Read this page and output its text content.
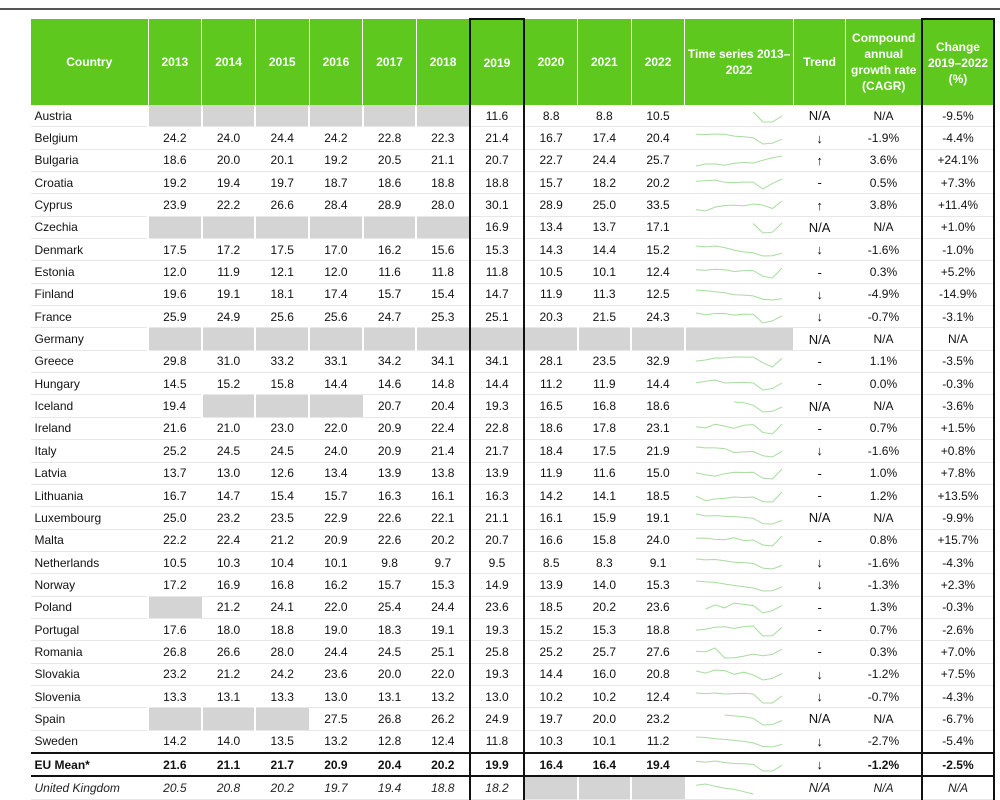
Country	2013	2014	2015	2016	2017	2018	2019	2020	2021	2022	Time series 2013–2022	Trend	Compound annual growth rate (CAGR)	Change 2019–2022 (%)
Austria							11.6	8.8	8.8	10.5		N/A	N/A	-9.5%
Belgium	24.2	24.0	24.4	24.2	22.8	22.3	21.4	16.7	17.4	20.4		↓	-1.9%	-4.4%
Bulgaria	18.6	20.0	20.1	19.2	20.5	21.1	20.7	22.7	24.4	25.7		↑	3.6%	+24.1%
Croatia	19.2	19.4	19.7	18.7	18.6	18.8	18.8	15.7	18.2	20.2		-	0.5%	+7.3%
Cyprus	23.9	22.2	26.6	28.4	28.9	28.0	30.1	28.9	25.0	33.5		↑	3.8%	+11.4%
Czechia							16.9	13.4	13.7	17.1		N/A	N/A	+1.0%
Denmark	17.5	17.2	17.5	17.0	16.2	15.6	15.3	14.3	14.4	15.2		↓	-1.6%	-1.0%
Estonia	12.0	11.9	12.1	12.0	11.6	11.8	11.8	10.5	10.1	12.4		-	0.3%	+5.2%
Finland	19.6	19.1	18.1	17.4	15.7	15.4	14.7	11.9	11.3	12.5		↓	-4.9%	-14.9%
France	25.9	24.9	25.6	25.6	24.7	25.3	25.1	20.3	21.5	24.3		↓	-0.7%	-3.1%
Germany												N/A	N/A	N/A
Greece	29.8	31.0	33.2	33.1	34.2	34.1	34.1	28.1	23.5	32.9		-	1.1%	-3.5%
Hungary	14.5	15.2	15.8	14.4	14.6	14.8	14.4	11.2	11.9	14.4		-	0.0%	-0.3%
Iceland	19.4				20.7	20.4	19.3	16.5	16.8	18.6		N/A	N/A	-3.6%
Ireland	21.6	21.0	23.0	22.0	20.9	22.4	22.8	18.6	17.8	23.1		-	0.7%	+1.5%
Italy	25.2	24.5	24.5	24.0	20.9	21.4	21.7	18.4	17.5	21.9		↓	-1.6%	+0.8%
Latvia	13.7	13.0	12.6	13.4	13.9	13.8	13.9	11.9	11.6	15.0		-	1.0%	+7.8%
Lithuania	16.7	14.7	15.4	15.7	16.3	16.1	16.3	14.2	14.1	18.5		-	1.2%	+13.5%
Luxembourg	25.0	23.2	23.5	22.9	22.6	22.1	21.1	16.1	15.9	19.1		N/A	N/A	-9.9%
Malta	22.2	22.4	21.2	20.9	22.6	20.2	20.7	16.6	15.8	24.0		-	0.8%	+15.7%
Netherlands	10.5	10.3	10.4	10.1	9.8	9.7	9.5	8.5	8.3	9.1		↓	-1.6%	-4.3%
Norway	17.2	16.9	16.8	16.2	15.7	15.3	14.9	13.9	14.0	15.3		↓	-1.3%	+2.3%
Poland		21.2	24.1	22.0	25.4	24.4	23.6	18.5	20.2	23.6		-	1.3%	-0.3%
Portugal	17.6	18.0	18.8	19.0	18.3	19.1	19.3	15.2	15.3	18.8		-	0.7%	-2.6%
Romania	26.8	26.6	28.0	24.4	24.5	25.1	25.8	25.2	25.7	27.6		-	0.3%	+7.0%
Slovakia	23.2	21.2	24.2	23.6	20.0	22.0	19.3	14.4	16.0	20.8		↓	-1.2%	+7.5%
Slovenia	13.3	13.1	13.3	13.0	13.1	13.2	13.0	10.2	10.2	12.4		↓	-0.7%	-4.3%
Spain				27.5	26.8	26.2	24.9	19.7	20.0	23.2		N/A	N/A	-6.7%
Sweden	14.2	14.0	13.5	13.2	12.8	12.4	11.8	10.3	10.1	11.2		↓	-2.7%	-5.4%
EU Mean*	21.6	21.1	21.7	20.9	20.4	20.2	19.9	16.4	16.4	19.4		↓	-1.2%	-2.5%
United Kingdom	20.5	20.8	20.2	19.7	19.4	18.8	18.2					N/A	N/A	N/A
